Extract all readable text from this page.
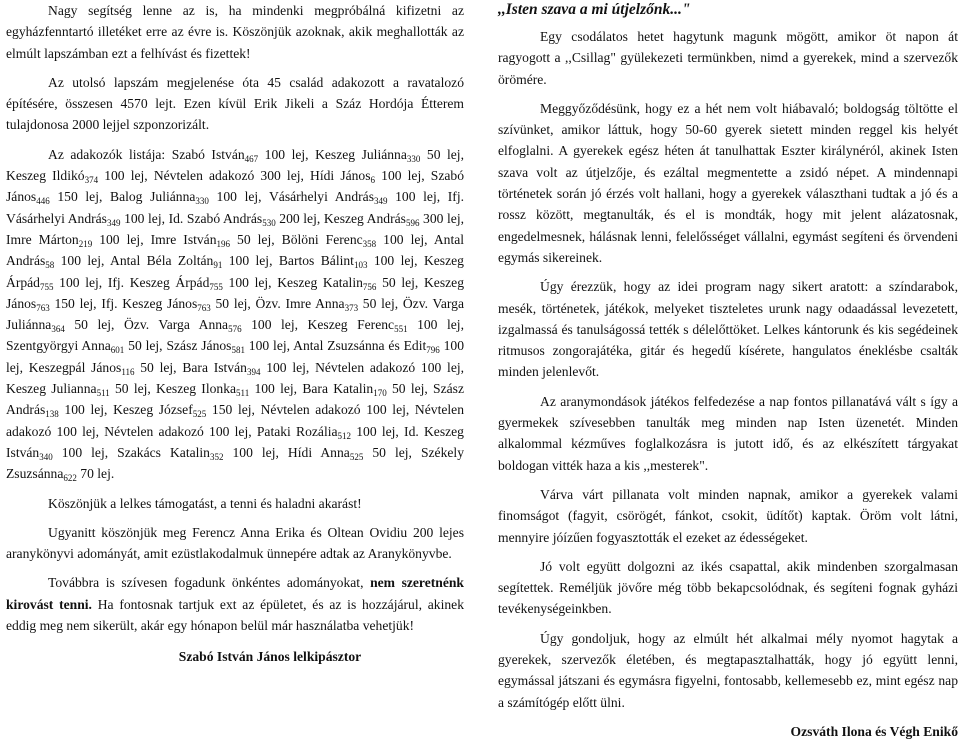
Nagy segítség lenne az is, ha mindenki megpróbálná kifizetni az egyházfenntartó illetéket erre az évre is. Köszönjük azoknak, akik meghallották az elmúlt lapszámban ezt a felhívást és fizettek!

Az utolsó lapszám megjelenése óta 45 család adakozott a ravatalozó építésére, összesen 4570 lejt. Ezen kívül Erik Jikeli a Száz Hordója Étterem tulajdonosa 2000 lejjel szponzorizált.

Az adakozók listája: Szabó István$_{467}$ 100 lej, Keszeg Juliánna$_{330}$ 50 lej, Keszeg Ildikó$_{374}$ 100 lej, Névtelen adakozó 300 lej, Hídi János$_6$ 100 lej, Szabó János$_{446}$ 150 lej, Balog Juliánna$_{330}$ 100 lej, Vásárhelyi András$_{349}$ 100 lej, Ifj. Vásárhelyi András$_{349}$ 100 lej, Id. Szabó András$_{530}$ 200 lej, Keszeg András$_{596}$ 300 lej, Imre Márton$_{219}$ 100 lej, Imre István$_{196}$ 50 lej, Bölöni Ferenc$_{358}$ 100 lej, Antal András$_{58}$ 100 lej, Antal Béla Zoltán$_{91}$ 100 lej, Bartos Bálint$_{103}$ 100 lej, Keszeg Árpád$_{755}$ 100 lej, Ifj. Keszeg Árpád$_{755}$ 100 lej, Keszeg Katalin$_{756}$ 50 lej, Keszeg János$_{763}$ 150 lej, Ifj. Keszeg János$_{763}$ 50 lej, Özv. Imre Anna$_{373}$ 50 lej, Özv. Varga Juliánna$_{364}$ 50 lej, Özv. Varga Anna$_{576}$ 100 lej, Keszeg Ferenc$_{551}$ 100 lej, Szentgyörgyi Anna$_{601}$ 50 lej, Szász János$_{581}$ 100 lej, Antal Zsuzsánna és Edit$_{796}$ 100 lej, Keszegpál János$_{116}$ 50 lej, Bara István$_{394}$ 100 lej, Névtelen adakozó 100 lej, Keszeg Julianna$_{511}$ 50 lej, Keszeg Ilonka$_{511}$ 100 lej, Bara Katalin$_{170}$ 50 lej, Szász András$_{138}$ 100 lej, Keszeg József$_{525}$ 150 lej, Névtelen adakozó 100 lej, Névtelen adakozó 100 lej, Névtelen adakozó 100 lej, Pataki Rozália$_{512}$ 100 lej, Id. Keszeg István$_{340}$ 100 lej, Szakács Katalin$_{352}$ 100 lej, Hídi Anna$_{525}$ 50 lej, Székely Zsuzsánna$_{622}$ 70 lej.

Köszönjük a lelkes támogatást, a tenni és haladni akarást!

Ugyanitt köszönjük meg Ferencz Anna Erika és Oltean Ovidiu 200 lejes aranykönyvi adományát, amit ezüstlakodalmuk ünnepére adtak az Aranykönyvbe.

Továbbra is szívesen fogadunk önkéntes adományokat, nem szeretnénk kirovást tenni. Ha fontosnak tartjuk ext az épületet, és az is hozzájárul, akinek eddig meg nem sikerült, akár egy hónapon belül már használatba vehetjük!

Szabó István János lelkipásztor

,,Isten szava a mi útjelzőnk..."

Egy csodálatos hetet hagytunk magunk mögött, amikor öt napon át ragyogott a ,,Csillag" gyülekezeti termünkben, nimd a gyerekek, mind a szervezők örömére.

Meggyőződésünk, hogy ez a hét nem volt hiábavaló; boldogság töltötte el szívünket, amikor láttuk, hogy 50-60 gyerek sietett minden reggel kis helyét elfoglalni. A gyerekek egész héten át tanulhattak Eszter királynéról, akinek Isten szava volt az útjelzője, és ezáltal megmentette a zsidó népet. A mindennapi történetek során jó érzés volt hallani, hogy a gyerekek választhani tudtak a jó és a rossz között, megtanulták, és el is mondták, hogy mit jelent alázatosnak, engedelmesnek, hálásnak lenni, felelősséget vállalni, egymást segíteni és örvendeni egymás sikereinek.

Úgy érezzük, hogy az idei program nagy sikert aratott: a színdarabok, mesék, történetek, játékok, melyeket tiszteletes urunk nagy odaadással levezetett, izgalmassá és tanulságossá tették s délelőttöket. Lelkes kántorunk és kis segédeinek ritmusos zongorajátéka, gitár és hegedű kísérete, hangulatos éneklésbe csalták minden jelenlevőt.

Az aranymondások játékos felfedezése a nap fontos pillanatává vált s így a gyermekek szívesebben tanulták meg minden nap Isten üzenetét. Minden alkalommal kézműves foglalkozásra is jutott idő, és az elkészített tárgyakat boldogan vitték haza a kis ,,mesterek".

Várva várt pillanata volt minden napnak, amikor a gyerekek valami finomságot (fagyit, csörögét, fánkot, csokit, üdítőt) kaptak. Öröm volt látni, mennyire jóízűen fogyasztották el ezeket az édességeket.

Jó volt együtt dolgozni az ikés csapattal, akik mindenben szorgalmasan segítettek. Reméljük jövőre még több bekapcsolódnak, és segíteni fognak gyházi tevékenységeinkben.

Úgy gondoljuk, hogy az elmúlt hét alkalmai mély nyomot hagytak a gyerekek, szervezők életében, és megtapasztalhatták, hogy jó együtt lenni, egymással játszani és egymásra figyelni, fontosabb, kellemesebb ez, mint egész nap a számítógép előtt ülni.

Ozsváth Ilona és Végh Enikő
